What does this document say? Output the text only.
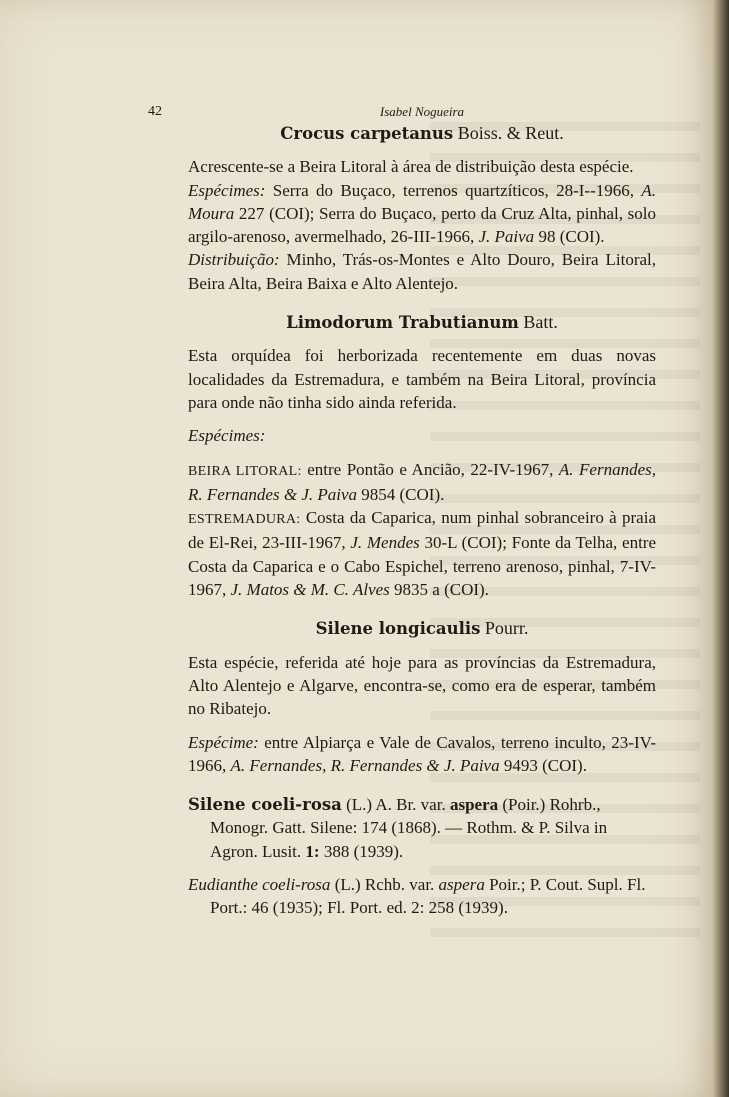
42	Isabel Nogueira
Crocus carpetanus Boiss. & Reut.

Acrescente-se a Beira Litoral à área de distribuição desta espécie.

Espécimes: Serra do Buçaco, terrenos quartzíticos, 28-I--1966, A. Moura 227 (COI); Serra do Buçaco, perto da Cruz Alta, pinhal, solo argilo-arenoso, avermelhado, 26-III-1966, J. Paiva 98 (COI).

Distribuição: Minho, Trás-os-Montes e Alto Douro, Beira Litoral, Beira Alta, Beira Baixa e Alto Alentejo.

Limodorum Trabutianum Batt.

Esta orquídea foi herborizada recentemente em duas novas localidades da Estremadura, e também na Beira Litoral, província para onde não tinha sido ainda referida.

Espécimes:

BEIRA LITORAL: entre Pontão e Ancião, 22-IV-1967, A. Fernandes, R. Fernandes & J. Paiva 9854 (COI).

ESTREMADURA: Costa da Caparica, num pinhal sobranceiro à praia de El-Rei, 23-III-1967, J. Mendes 30-L (COI); Fonte da Telha, entre Costa da Caparica e o Cabo Espichel, terreno arenoso, pinhal, 7-IV-1967, J. Matos & M. C. Alves 9835 a (COI).

Silene longicaulis Pourr.

Esta espécie, referida até hoje para as províncias da Estremadura, Alto Alentejo e Algarve, encontra-se, como era de esperar, também no Ribatejo.

Espécime: entre Alpiarça e Vale de Cavalos, terreno inculto, 23-IV-1966, A. Fernandes, R. Fernandes & J. Paiva 9493 (COI).

Silene coeli-rosa (L.) A. Br. var. aspera (Poir.) Rohrb., Monogr. Gatt. Silene: 174 (1868). — Rothm. & P. Silva in Agron. Lusit. 1: 388 (1939).

Eudianthe coeli-rosa (L.) Rchb. var. aspera Poir.; P. Cout. Supl. Fl. Port.: 46 (1935); Fl. Port. ed. 2: 258 (1939).
